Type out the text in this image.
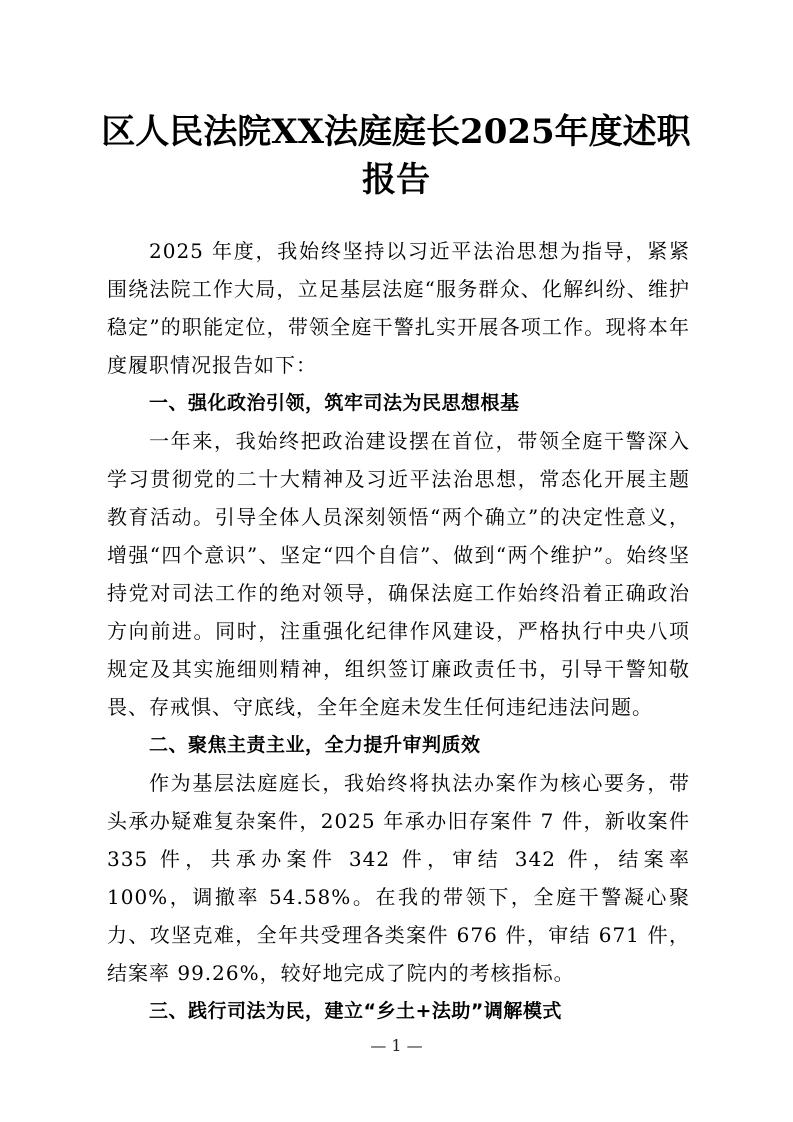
区人民法院XX法庭庭长2025年度述职报告

2025 年度，我始终坚持以习近平法治思想为指导，紧紧围绕法院工作大局，立足基层法庭“服务群众、化解纠纷、维护稳定”的职能定位，带领全庭干警扎实开展各项工作。现将本年度履职情况报告如下：

一、强化政治引领，筑牢司法为民思想根基

一年来，我始终把政治建设摆在首位，带领全庭干警深入学习贯彻党的二十大精神及习近平法治思想，常态化开展主题教育活动。引导全体人员深刻领悟“两个确立”的决定性意义，增强“四个意识”、坚定“四个自信”、做到“两个维护”。始终坚持党对司法工作的绝对领导，确保法庭工作始终沿着正确政治方向前进。同时，注重强化纪律作风建设，严格执行中央八项规定及其实施细则精神，组织签订廉政责任书，引导干警知敬畏、存戒惧、守底线，全年全庭未发生任何违纪违法问题。

二、聚焦主责主业，全力提升审判质效

作为基层法庭庭长，我始终将执法办案作为核心要务，带头承办疑难复杂案件，2025 年承办旧存案件 7 件，新收案件 335 件，共承办案件 342 件，审结 342 件，结案率 100%，调撤率 54.58%。在我的带领下，全庭干警凝心聚力、攻坚克难，全年共受理各类案件 676 件，审结 671 件，结案率 99.26%，较好地完成了院内的考核指标。

三、践行司法为民，建立“乡土+法助”调解模式

— 1 —
